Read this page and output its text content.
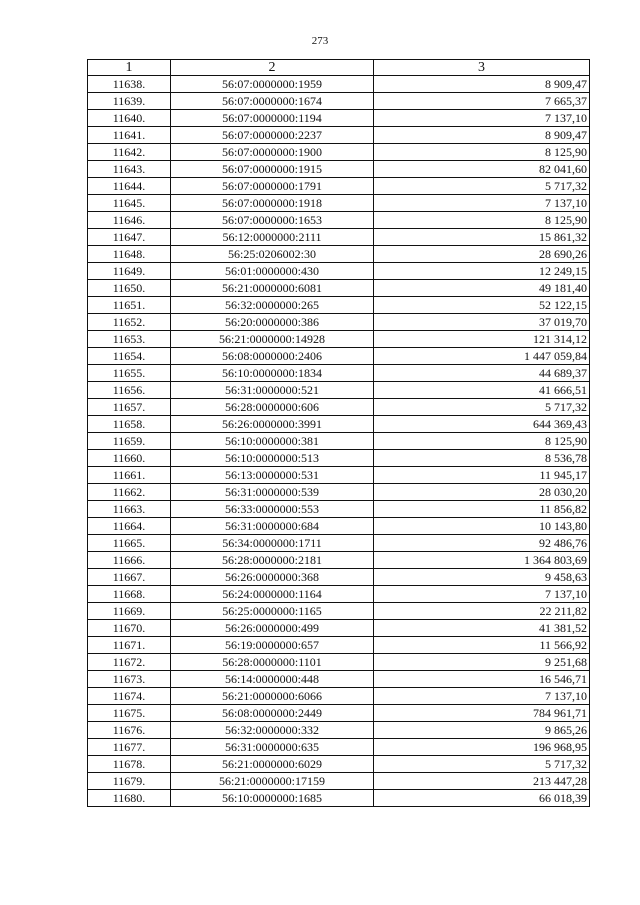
273
1	2	3
11638.	56:07:0000000:1959	8 909,47
11639.	56:07:0000000:1674	7 665,37
11640.	56:07:0000000:1194	7 137,10
11641.	56:07:0000000:2237	8 909,47
11642.	56:07:0000000:1900	8 125,90
11643.	56:07:0000000:1915	82 041,60
11644.	56:07:0000000:1791	5 717,32
11645.	56:07:0000000:1918	7 137,10
11646.	56:07:0000000:1653	8 125,90
11647.	56:12:0000000:2111	15 861,32
11648.	56:25:0206002:30	28 690,26
11649.	56:01:0000000:430	12 249,15
11650.	56:21:0000000:6081	49 181,40
11651.	56:32:0000000:265	52 122,15
11652.	56:20:0000000:386	37 019,70
11653.	56:21:0000000:14928	121 314,12
11654.	56:08:0000000:2406	1 447 059,84
11655.	56:10:0000000:1834	44 689,37
11656.	56:31:0000000:521	41 666,51
11657.	56:28:0000000:606	5 717,32
11658.	56:26:0000000:3991	644 369,43
11659.	56:10:0000000:381	8 125,90
11660.	56:10:0000000:513	8 536,78
11661.	56:13:0000000:531	11 945,17
11662.	56:31:0000000:539	28 030,20
11663.	56:33:0000000:553	11 856,82
11664.	56:31:0000000:684	10 143,80
11665.	56:34:0000000:1711	92 486,76
11666.	56:28:0000000:2181	1 364 803,69
11667.	56:26:0000000:368	9 458,63
11668.	56:24:0000000:1164	7 137,10
11669.	56:25:0000000:1165	22 211,82
11670.	56:26:0000000:499	41 381,52
11671.	56:19:0000000:657	11 566,92
11672.	56:28:0000000:1101	9 251,68
11673.	56:14:0000000:448	16 546,71
11674.	56:21:0000000:6066	7 137,10
11675.	56:08:0000000:2449	784 961,71
11676.	56:32:0000000:332	9 865,26
11677.	56:31:0000000:635	196 968,95
11678.	56:21:0000000:6029	5 717,32
11679.	56:21:0000000:17159	213 447,28
11680.	56:10:0000000:1685	66 018,39
